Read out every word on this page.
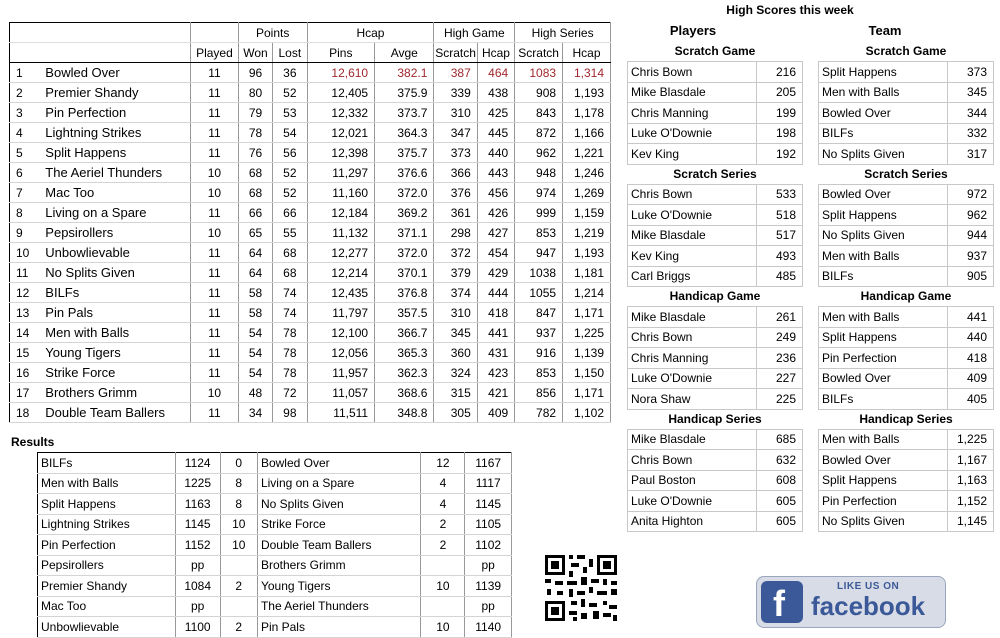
			Points		Hcap		High Game		High Series	
		Played	Won	Lost	Pins	Avge	Scratch	Hcap	Scratch	Hcap
1	Bowled Over	11	96	36	12,610	382.1	387	464	1083	1,314
2	Premier Shandy	11	80	52	12,405	375.9	339	438	908	1,193
3	Pin Perfection	11	79	53	12,332	373.7	310	425	843	1,178
4	Lightning Strikes	11	78	54	12,021	364.3	347	445	872	1,166
5	Split Happens	11	76	56	12,398	375.7	373	440	962	1,221
6	The Aeriel Thunders	10	68	52	11,297	376.6	366	443	948	1,246
7	Mac Too	10	68	52	11,160	372.0	376	456	974	1,269
8	Living on a Spare	11	66	66	12,184	369.2	361	426	999	1,159
9	Pepsirollers	10	65	55	11,132	371.1	298	427	853	1,219
10	Unbowlievable	11	64	68	12,277	372.0	372	454	947	1,193
11	No Splits Given	11	64	68	12,214	370.1	379	429	1038	1,181
12	BILFs	11	58	74	12,435	376.8	374	444	1055	1,214
13	Pin Pals	11	58	74	11,797	357.5	310	418	847	1,171
14	Men with Balls	11	54	78	12,100	366.7	345	441	937	1,225
15	Young Tigers	11	54	78	12,056	365.3	360	431	916	1,139
16	Strike Force	11	54	78	11,957	362.3	324	423	853	1,150
17	Brothers Grimm	10	48	72	11,057	368.6	315	421	856	1,171
18	Double Team Ballers	11	34	98	11,511	348.8	305	409	782	1,102
High Scores this week
Players	Team
Scratch Game
Chris Bown	216
Mike Blasdale	205
Chris Manning	199
Luke O'Downie	198
Kev King	192
Scratch Series
Chris Bown	533
Luke O'Downie	518
Mike Blasdale	517
Kev King	493
Carl Briggs	485
Handicap Game
Mike Blasdale	261
Chris Bown	249
Chris Manning	236
Luke O'Downie	227
Nora Shaw	225
Handicap Series
Mike Blasdale	685
Chris Bown	632
Paul Boston	608
Luke O'Downie	605
Anita Highton	605
Scratch Game
Split Happens	373
Men with Balls	345
Bowled Over	344
BILFs	332
No Splits Given	317
Scratch Series
Bowled Over	972
Split Happens	962
No Splits Given	944
Men with Balls	937
BILFs	905
Handicap Game
Men with Balls	441
Split Happens	440
Pin Perfection	418
Bowled Over	409
BILFs	405
Handicap Series
Men with Balls	1,225
Bowled Over	1,167
Split Happens	1,163
Pin Perfection	1,152
No Splits Given	1,145
Results
BILFs	1124	0	Bowled Over	12	1167
Men with Balls	1225	8	Living on a Spare	4	1117
Split Happens	1163	8	No Splits Given	4	1145
Lightning Strikes	1145	10	Strike Force	2	1105
Pin Perfection	1152	10	Double Team Ballers	2	1102
Pepsirollers	pp		Brothers Grimm		pp
Premier Shandy	1084	2	Young Tigers	10	1139
Mac Too	pp		The Aeriel Thunders		pp
Unbowlievable	1100	2	Pin Pals	10	1140
f	LIKE US ON
facebook
